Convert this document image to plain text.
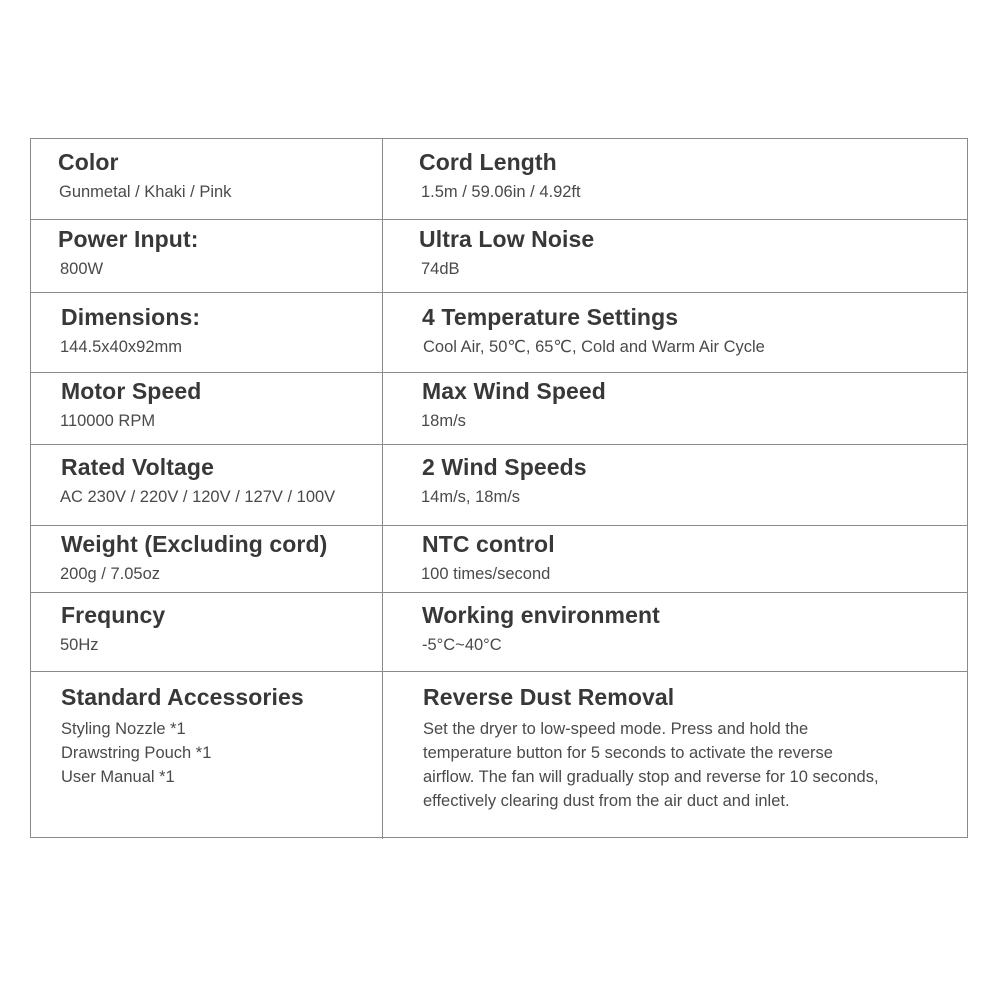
Color
Gunmetal / Khaki / Pink
Cord Length
1.5m / 59.06in / 4.92ft
Power Input:
800W
Ultra Low Noise
74dB
Dimensions:
144.5x40x92mm
4 Temperature Settings
Cool Air, 50℃, 65℃, Cold and Warm Air Cycle
Motor Speed
110000 RPM
Max Wind Speed
18m/s
Rated Voltage
AC 230V / 220V / 120V / 127V / 100V
2 Wind Speeds
14m/s, 18m/s
Weight (Excluding cord)
200g / 7.05oz
NTC control
100 times/second
Frequncy
50Hz
Working environment
-5°C~40°C
Standard Accessories
Styling Nozzle *1
Drawstring Pouch *1
User Manual *1
Reverse Dust Removal
Set the dryer to low-speed mode. Press and hold the
temperature button for 5 seconds to activate the reverse
airflow. The fan will gradually stop and reverse for 10 seconds,
effectively clearing dust from the air duct and inlet.
